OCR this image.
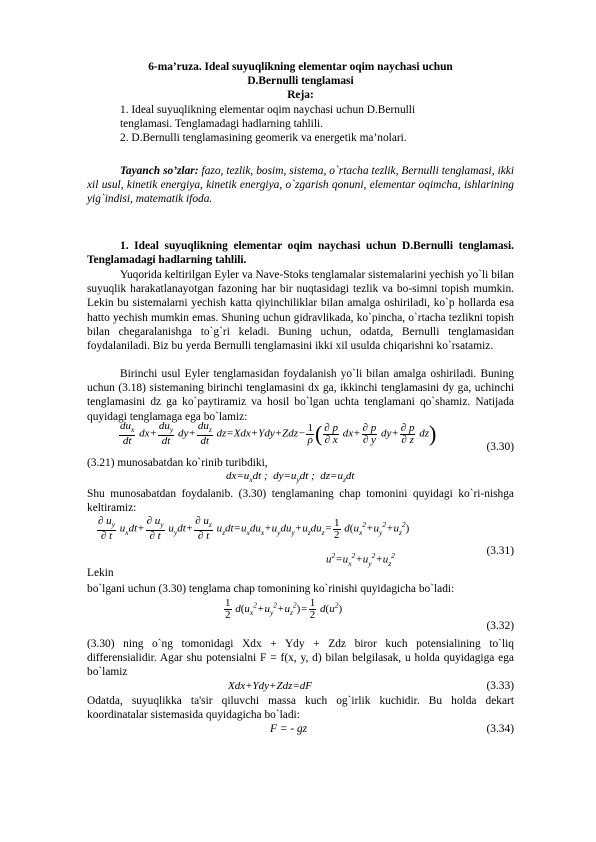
6-ma’ruza. Ideal suyuqlikning elementar oqim naychasi uchun
D.Bernulli tenglamasi
Reja:
1. Ideal suyuqlikning elementar oqim naychasi uchun D.Bernulli
tenglamasi. Tenglamadagi hadlarning tahlili.
2. D.Bernulli tenglamasining geomerik va energetik ma’nolari.
Tayanch so’zlar: fazo, tezlik, bosim, sistema, o`rtacha tezlik, Bernulli tenglamasi, ikki xil usul, kinetik energiya, kinetik energiya, o`zgarish qonuni, elementar oqimcha, ishlarining yig`indisi, matematik ifoda.
1. Ideal suyuqlikning elementar oqim naychasi uchun D.Bernulli tenglamasi. Tenglamadagi hadlarning tahlili.
Yuqorida keltirilgan Eyler va Nave-Stoks tenglamalar sistemalarini yechish yo`li bilan suyuqlik harakatlanayotgan fazoning har bir nuqtasidagi tezlik va bo-simni topish mumkin. Lekin bu sistemalarni yechish katta qiyinchiliklar bilan amalga oshiriladi, ko`p hollarda esa hatto yechish mumkin emas. Shuning uchun gidravlikada, ko`pincha, o`rtacha tezlikni topish bilan chegaralanishga to`g`ri keladi. Buning uchun, odatda, Bernulli tenglamasidan foydalaniladi. Biz bu yerda Bernulli tenglamasini ikki xil usulda chiqarishni ko`rsatamiz.
Birinchi usul Eyler tenglamasidan foydalanish yo`li bilan amalga oshiriladi. Buning uchun (3.18) sistemaning birinchi tenglamasini dx ga, ikkinchi tenglamasini dy ga, uchinchi tenglamasini dz ga ko`paytiramiz va hosil bo`lgan uchta tenglamani qo`shamiz. Natijada quyidagi tenglamaga ega bo`lamiz:
$\frac{du_x}{dt} dx+ \frac{du_y}{dt} dy+ \frac{du_z}{dt} dz=Xdx+Ydy+Zdz- \frac{1}{\rho}$ ( $\frac{\partial p}{\partial x} dx+ \frac{\partial p}{\partial y} dy+ \frac{\partial p}{\partial z} dz$)
(3.30)
(3.21) munosabatdan ko`rinib turibdiki,
$dx=u_xdt$ ;  $dy=u_ydt$ ;  $dz=u_zdt$
Shu munosabatdan foydalanib. (3.30) tenglamaning chap tomonini quyidagi ko`ri-nishga keltiramiz:
$\frac{\partial u_y}{\partial t} u_xdt+ \frac{\partial u_y}{\partial t} u_ydt+ \frac{\partial u_z}{\partial t} u_zdt=u_xdu_x+u_ydu_y+u_zdu_z= \frac{1}{2} d(u_x^2+u_y^2+u_z^2)$
(3.31)
$u^2=u_x^2+u_y^2+u_z^2$
Lekin
bo`lgani uchun (3.30) tenglama chap tomonining ko`rinishi quyidagicha bo`ladi:
$\frac{1}{2} d(u_x^2+u_y^2+u_z^2)= \frac{1}{2} d(u^2)$
(3.32)
(3.30) ning o`ng tomonidagi Xdx + Ydy + Zdz biror kuch potensialining to`liq differensialidir. Agar shu potensialni F = f(x, y, d) bilan belgilasak, u holda quyidagiga ega bo`lamiz
Xdx+Ydy+Zdz=dF	(3.33)
Odatda, suyuqlikka ta'sir qiluvchi massa kuch og`irlik kuchidir. Bu holda dekart koordinatalar sistemasida quyidagicha bo`ladi:
F = - gz	(3.34)
